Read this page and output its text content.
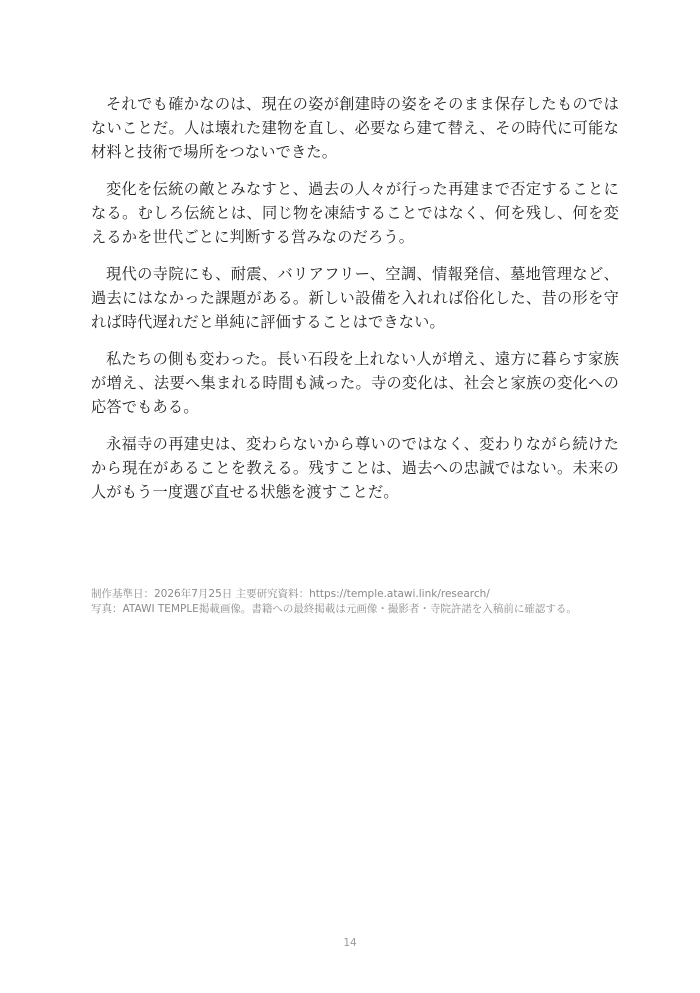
それでも確かなのは、現在の姿が創建時の姿をそのまま保存したものではないことだ。人は壊れた建物を直し、必要なら建て替え、その時代に可能な材料と技術で場所をつないできた。

変化を伝統の敵とみなすと、過去の人々が行った再建まで否定することになる。むしろ伝統とは、同じ物を凍結することではなく、何を残し、何を変えるかを世代ごとに判断する営みなのだろう。

現代の寺院にも、耐震、バリアフリー、空調、情報発信、墓地管理など、過去にはなかった課題がある。新しい設備を入れれば俗化した、昔の形を守れば時代遅れだと単純に評価することはできない。

私たちの側も変わった。長い石段を上れない人が増え、遠方に暮らす家族が増え、法要へ集まれる時間も減った。寺の変化は、社会と家族の変化への応答でもある。

永福寺の再建史は、変わらないから尊いのではなく、変わりながら続けたから現在があることを教える。残すことは、過去への忠誠ではない。未来の人がもう一度選び直せる状態を渡すことだ。

制作基準日：2026年7月25日 主要研究資料：https://temple.atawi.link/research/

写真：ATAWI TEMPLE掲載画像。書籍への最終掲載は元画像・撮影者・寺院許諾を入稿前に確認する。

14
